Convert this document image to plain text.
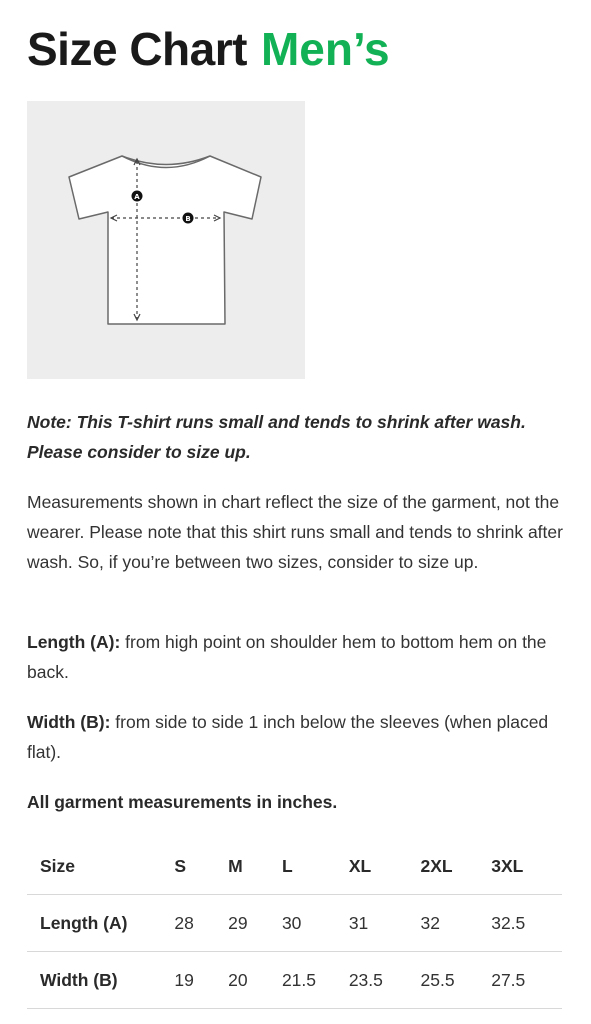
Size Chart Men’s
A
B
Note: This T-shirt runs small and tends to shrink after wash. Please consider to size up.
Measurements shown in chart reflect the size of the garment, not the wearer. Please note that this shirt runs small and tends to shrink after wash. So, if you’re between two sizes, consider to size up.
Length (A): from high point on shoulder hem to bottom hem on the back.
Width (B): from side to side 1 inch below the sleeves (when placed flat).
All garment measurements in inches.
Size	S	M	L	XL	2XL	3XL
Length (A)	28	29	30	31	32	32.5
Width (B)	19	20	21.5	23.5	25.5	27.5
